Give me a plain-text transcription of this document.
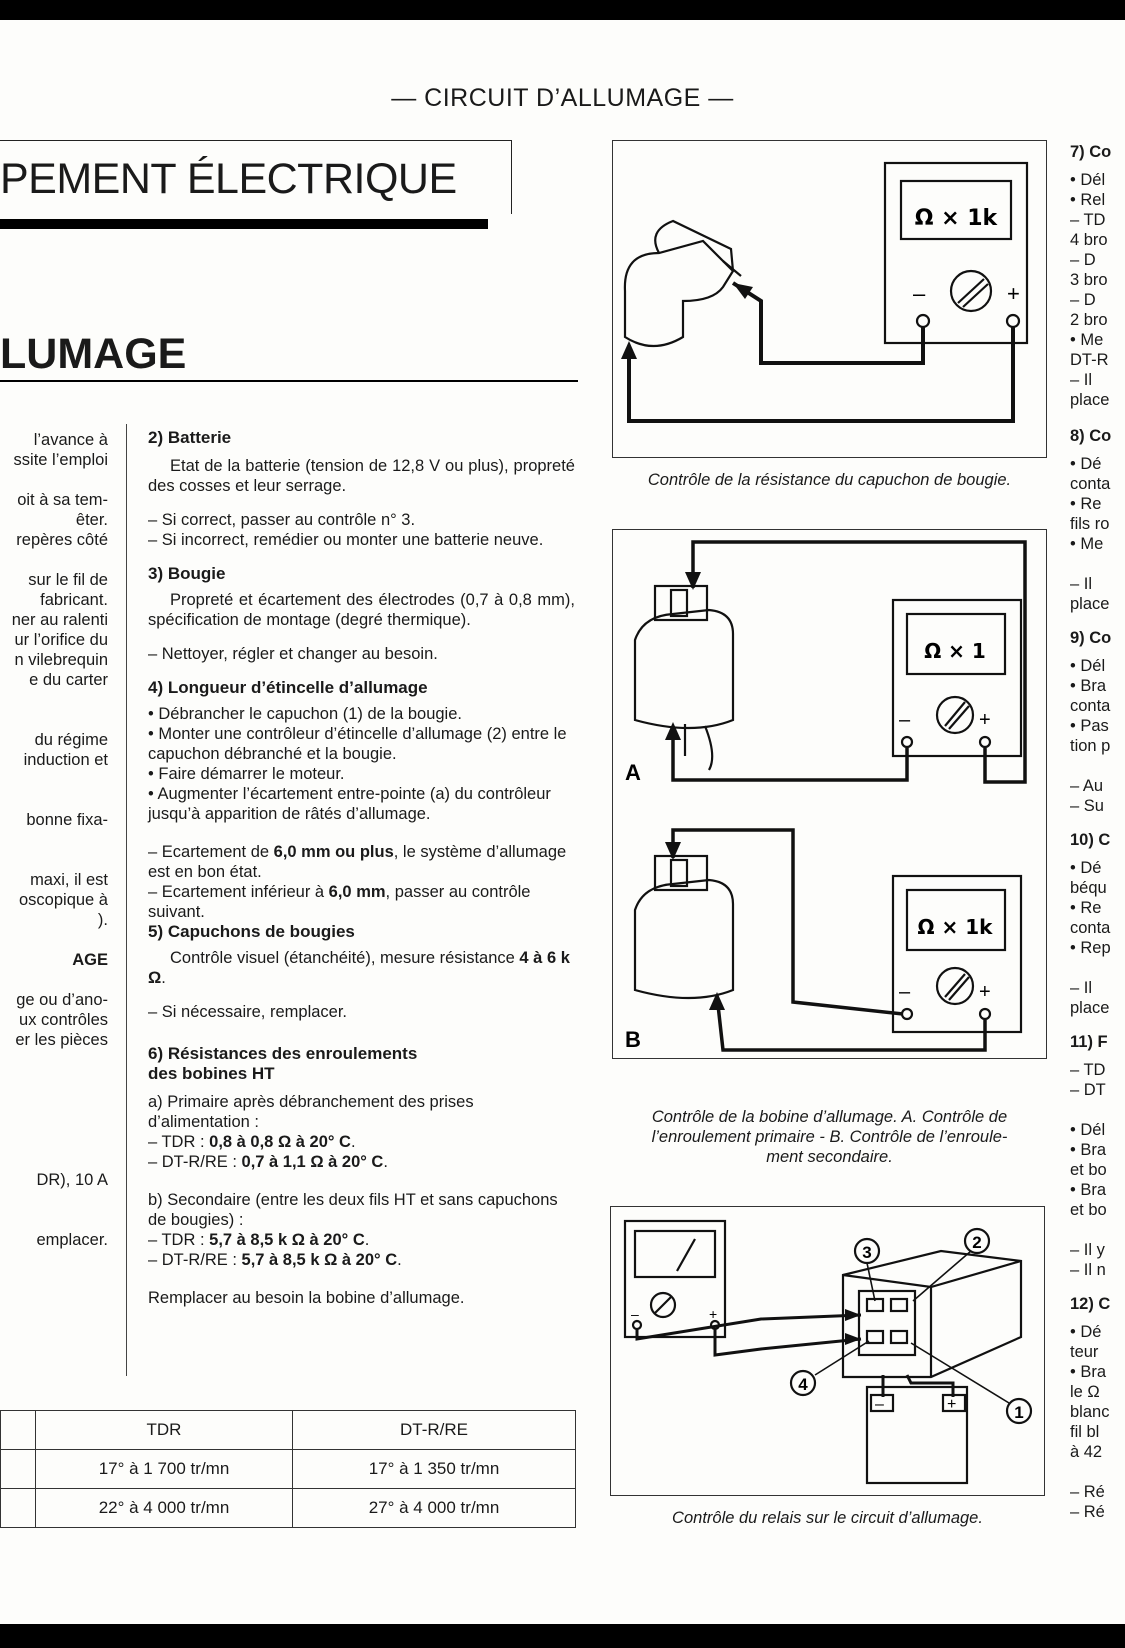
— CIRCUIT D’ALLUMAGE —
PEMENT ÉLECTRIQUE
LUMAGE

l’avance à

ssite l’emploi

oit à sa tem-

êter.

repères côté

sur le fil de

fabricant.

ner au ralenti

ur l’orifice du

n vilebrequin

e du carter

du régime

induction et

bonne fixa-

maxi, il est

oscopique à

).

AGE

ge ou d’ano-

ux contrôles

er les pièces

DR), 10 A

emplacer.

2) Batterie

Etat de la batterie (tension de 12,8 V ou plus), propreté des cosses et leur serrage.

– Si correct, passer au contrôle n° 3.

– Si incorrect, remédier ou monter une batterie neuve.

3) Bougie

Propreté et écartement des électrodes (0,7 à 0,8 mm), spécification de montage (degré thermique).

– Nettoyer, régler et changer au besoin.

4) Longueur d’étincelle d’allumage

• Débrancher le capuchon (1) de la bougie.

• Monter une contrôleur d’étincelle d’allumage (2) entre le capuchon débranché et la bougie.

• Faire démarrer le moteur.

• Augmenter l’écartement entre-pointe (a) du contrôleur jusqu’à apparition de râtés d’allumage.

– Ecartement de 6,0 mm ou plus, le système d’allumage est en bon état.

– Ecartement inférieur à 6,0 mm, passer au contrôle suivant.

5) Capuchons de bougies

Contrôle visuel (étanchéité), mesure résistance 4 à 6 k Ω.

– Si nécessaire, remplacer.

6) Résistances des enroulements
des bobines HT

a) Primaire après débranchement des prises d’alimentation :

– TDR : 0,8 à 0,8 Ω à 20° C.

– DT-R/RE : 0,7 à 1,1 Ω à 20° C.

b) Secondaire (entre les deux fils HT et sans capuchons de bougies) :

– TDR : 5,7 à 8,5 k Ω à 20° C.

– DT-R/RE : 5,7 à 8,5 k Ω à 20° C.

Remplacer au besoin la bobine d’allumage.

	TDR	DT-R/RE
	17° à 1 700 tr/mn	17° à 1 350 tr/mn
	22° à 4 000 tr/mn	27° à 4 000 tr/mn
Ω × 1k
–	+
Contrôle de la résistance du capuchon de bougie.
Ω × 1
Ω × 1k
–	+
–	+
A
B
Contrôle de la bobine d’allumage. A. Contrôle de
l’enroulement primaire - B. Contrôle de l’enroule-
ment secondaire.
3
2
4
1
–	+
–	+
Contrôle du relais sur le circuit d’allumage.
7) Co

• Dél

• Rel

– TD

4 bro

– D

3 bro

– D

2 bro

• Me

DT-R

– Il

place

8) Co

• Dé

conta

• Re

fils ro

• Me

– Il

place

9) Co

• Dél

• Bra

conta

• Pas

tion p

– Au

– Su

10) C

• Dé

béqu

• Re

conta

• Rep

– Il

place

11) F

– TD

– DT

• Dél

• Bra

et bo

• Bra

et bo

– Il y

– Il n

12) C

• Dé

teur

• Bra

le Ω

blanc

fil bl

à 42

– Ré

– Ré
